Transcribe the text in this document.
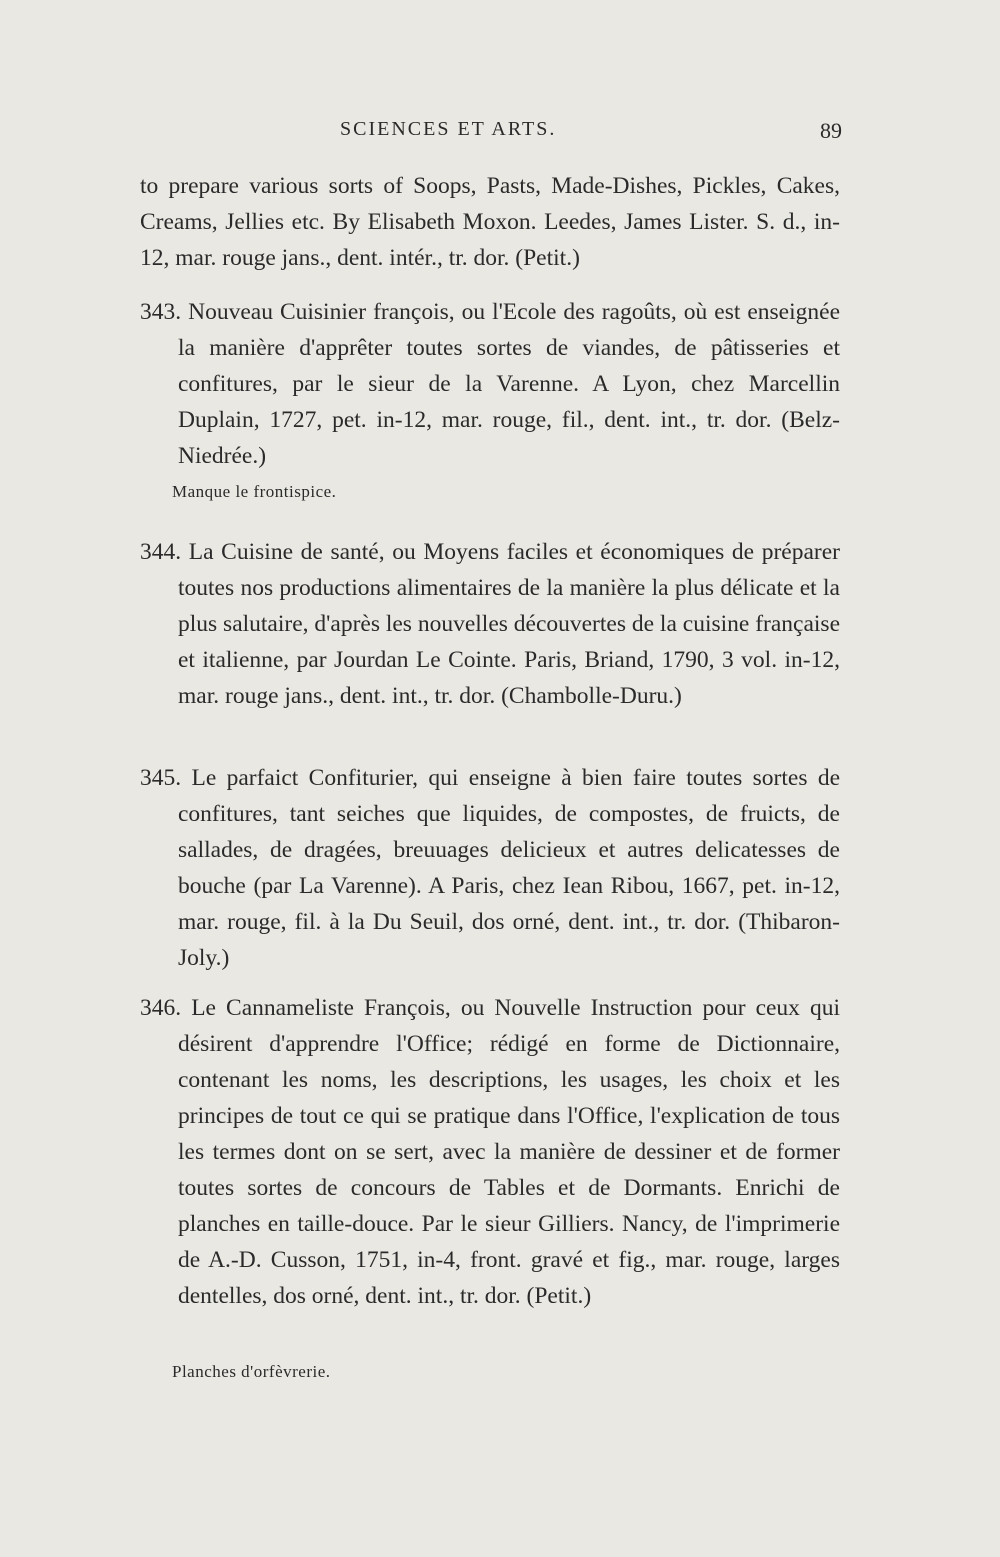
SCIENCES ET ARTS.	89

to prepare various sorts of Soops, Pasts, Made-Dishes, Pickles, Cakes, Creams, Jellies etc. By Elisabeth Moxon. Leedes, James Lister. S. d., in-12, mar. rouge jans., dent. intér., tr. dor. (Petit.)

343. Nouveau Cuisinier françois, ou l'Ecole des ragoûts, où est enseignée la manière d'apprêter toutes sortes de viandes, de pâtisseries et confitures, par le sieur de la Varenne. A Lyon, chez Marcellin Duplain, 1727, pet. in-12, mar. rouge, fil., dent. int., tr. dor. (Belz-Niedrée.)

Manque le frontispice.

344. La Cuisine de santé, ou Moyens faciles et économiques de préparer toutes nos productions alimentaires de la manière la plus délicate et la plus salutaire, d'après les nouvelles découvertes de la cuisine française et italienne, par Jourdan Le Cointe. Paris, Briand, 1790, 3 vol. in-12, mar. rouge jans., dent. int., tr. dor. (Chambolle-Duru.)

345. Le parfaict Confiturier, qui enseigne à bien faire toutes sortes de confitures, tant seiches que liquides, de compostes, de fruicts, de sallades, de dragées, breuuages delicieux et autres delicatesses de bouche (par La Varenne). A Paris, chez Iean Ribou, 1667, pet. in-12, mar. rouge, fil. à la Du Seuil, dos orné, dent. int., tr. dor. (Thibaron-Joly.)

346. Le Cannameliste François, ou Nouvelle Instruction pour ceux qui désirent d'apprendre l'Office; rédigé en forme de Dictionnaire, contenant les noms, les descriptions, les usages, les choix et les principes de tout ce qui se pratique dans l'Office, l'explication de tous les termes dont on se sert, avec la manière de dessiner et de former toutes sortes de concours de Tables et de Dormants. Enrichi de planches en taille-douce. Par le sieur Gilliers. Nancy, de l'imprimerie de A.-D. Cusson, 1751, in-4, front. gravé et fig., mar. rouge, larges dentelles, dos orné, dent. int., tr. dor. (Petit.)

Planches d'orfèvrerie.
